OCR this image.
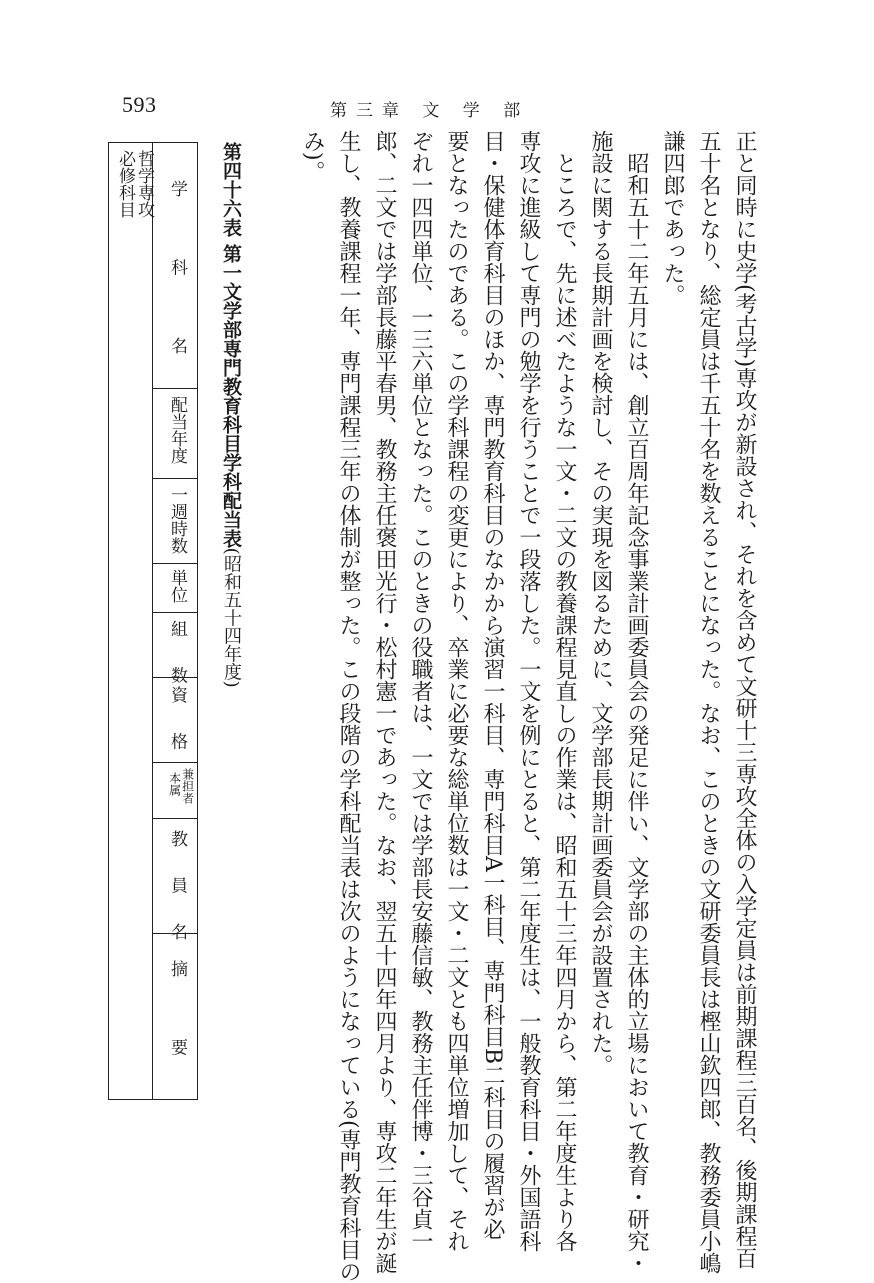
593	第三章 文 学 部
正と同時に史学(考古学)専攻が新設され、それを含めて文研十三専攻全体の入学定員は前期課程三百名、後期課程百
五十名となり、総定員は千五十名を数えることになった。なお、このときの文研委員長は樫山欽四郎、教務委員小嶋
謙四郎であった。
昭和五十二年五月には、創立百周年記念事業計画委員会の発足に伴い、文学部の主体的立場において教育・研究・
施設に関する長期計画を検討し、その実現を図るために、文学部長期計画委員会が設置された。
ところで、先に述べたような一文・二文の教養課程見直しの作業は、昭和五十三年四月から、第二年度生より各
専攻に進級して専門の勉学を行うことで一段落した。一文を例にとると、第二年度生は、一般教育科目・外国語科
目・保健体育科目のほか、専門教育科目のなかから演習一科目、専門科目A一科目、専門科目B二科目の履習が必
要となったのである。この学科課程の変更により、卒業に必要な総単位数は一文・二文とも四単位増加して、それ
ぞれ一四四単位、一三六単位となった。このときの役職者は、一文では学部長安藤信敏、教務主任伴博・三谷貞一
郎、二文では学部長藤平春男、教務主任褒田光行・松村憲一であった。なお、翌五十四年四月より、専攻二年生が誕
生し、教養課程一年、専門課程三年の体制が整った。この段階の学科配当表は次のようになっている(専門教育科目の
み)。
第四十六表 第一文学部専門教育科目学科配当表(昭和五十四年度)
学 科 名
配当年度
一週時数
単位
組 数
資 格
兼担者
本属
教 員 名
摘 要
哲学専攻
必修科目
